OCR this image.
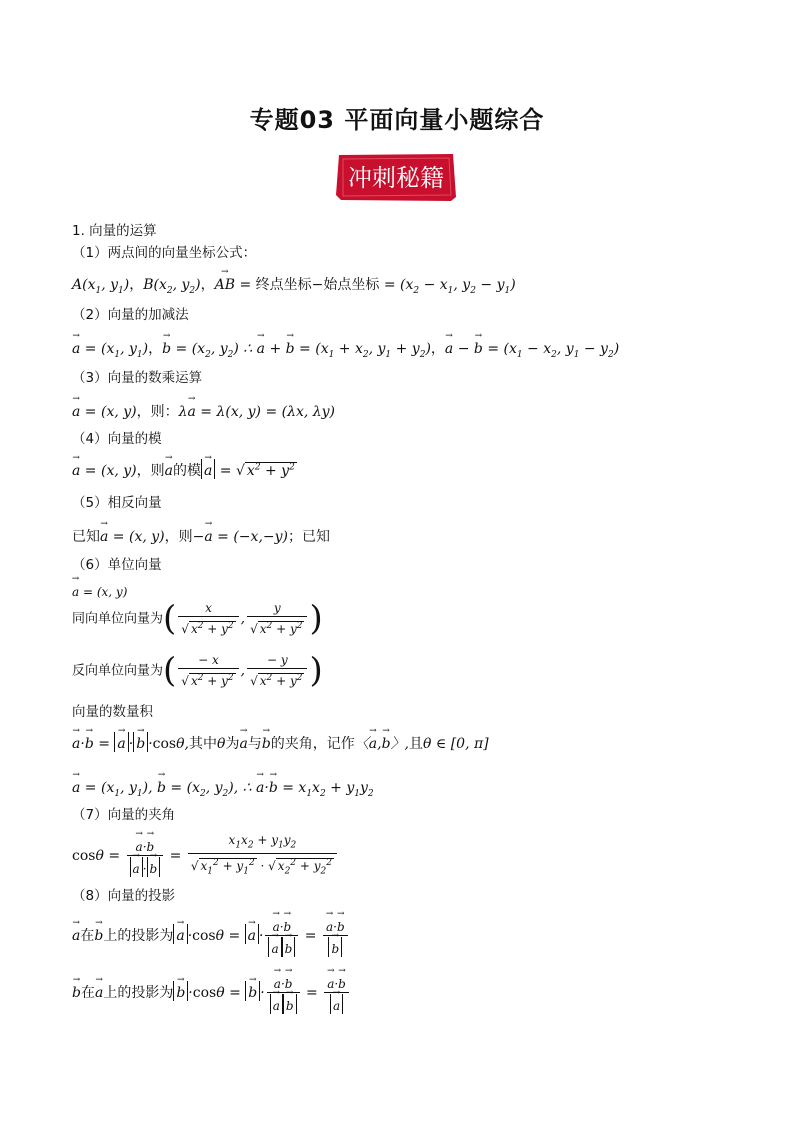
专题03 平面向量小题综合
冲刺秘籍
1. 向量的运算
（1）两点间的向量坐标公式：
$A(x_1$, $y_1$)，$B(x_2$, $y_2$)，→ AB = 终点坐标−始点坐标 = ($x_2 - x_1$, $y_2 - y_1$)
（2）向量的加减法
→ $a = (x_1$, $y_1$)，→ $b = (x_2$, $y_2$) ∴ → a + → $b = (x_1 + x_2$, $y_1 + y_2$)，→ a − → $b = (x_1 - x_2$, $y_1 - y_2$)
（3）向量的数乘运算
→ a = (x, y)，则：λ→ a = λ(x, y) = (λx, λy)
（4）向量的模
→ a = (x, y)，则→ a的模→ a = √ $x^2 + y^2$
（5）相反向量
已知→ a = (x, y)，则−→ a = (−x,−y)；已知
（6）单位向量
→ a = (x, y)
同向单位向量为( $\frac{x}{√ x^2 + y^2}$ , $\frac{y}{√ x^2 + y^2}$ )
反向单位向量为( $\frac{- x}{√ x^2 + y^2}$ , $\frac{- y}{√ x^2 + y^2}$ )
向量的数量积
→ a·→ b = → a ·→ b ·cosθ,其中θ为→ a与→ b的夹角，记作〈→ a,→ b〉,且θ ∈ [0, π]
→ $a = (x_1$, $y_1$), → $b = (x_2$, $y_2$), ∴ → $a\cdot\to b = x_1x_2 + y_1y_2$
（7）向量的夹角
cosθ =
→ a·→ b
→ $a \cdot\to b = \frac{x_1x_2 + y_1y_2}{√ x_1^2 + y_1^2 \cdot √ x_2^2 + y_2^2}$
（8）向量的投影
→ a在→ b上的投影为→ a ·cosθ = → a ·
→ a·→ b
→ a→ b =
→ a·→ b
→ b
→ b在→ a上的投影为→ b ·cosθ = → b ·
→ a·→ b
→ a→ b =
→ a·→ b
→ a
